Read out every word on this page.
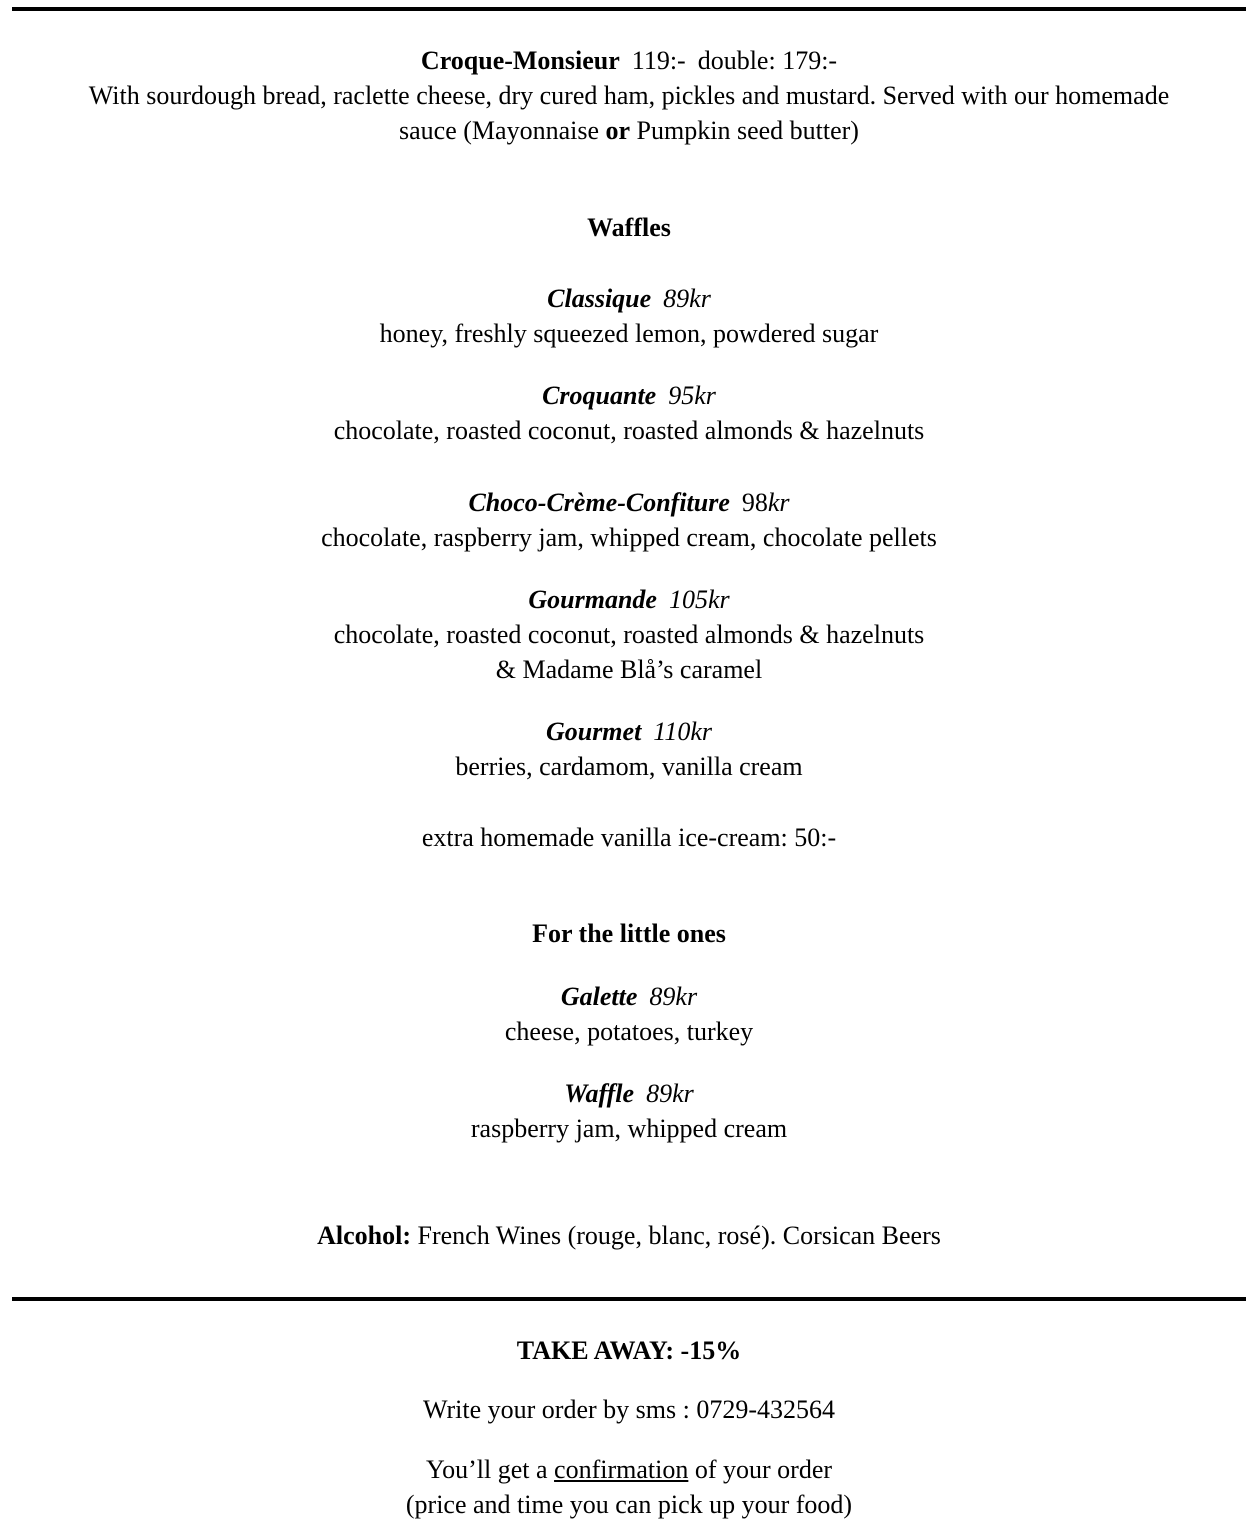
Croque-Monsieur 119:- double: 179:-
With sourdough bread, raclette cheese, dry cured ham, pickles and mustard. Served with our homemade
sauce (Mayonnaise or Pumpkin seed butter)
Waffles
Classique 89kr
honey, freshly squeezed lemon, powdered sugar
Croquante 95kr
chocolate, roasted coconut, roasted almonds & hazelnuts
Choco-Crème-Confiture 98kr
chocolate, raspberry jam, whipped cream, chocolate pellets
Gourmande 105kr
chocolate, roasted coconut, roasted almonds & hazelnuts
& Madame Blå’s caramel
Gourmet 110kr
berries, cardamom, vanilla cream
extra homemade vanilla ice-cream: 50:-
For the little ones
Galette 89kr
cheese, potatoes, turkey
Waffle 89kr
raspberry jam, whipped cream
Alcohol: French Wines (rouge, blanc, rosé). Corsican Beers
TAKE AWAY: -15%
Write your order by sms : 0729-432564
You’ll get a confirmation of your order
(price and time you can pick up your food)
